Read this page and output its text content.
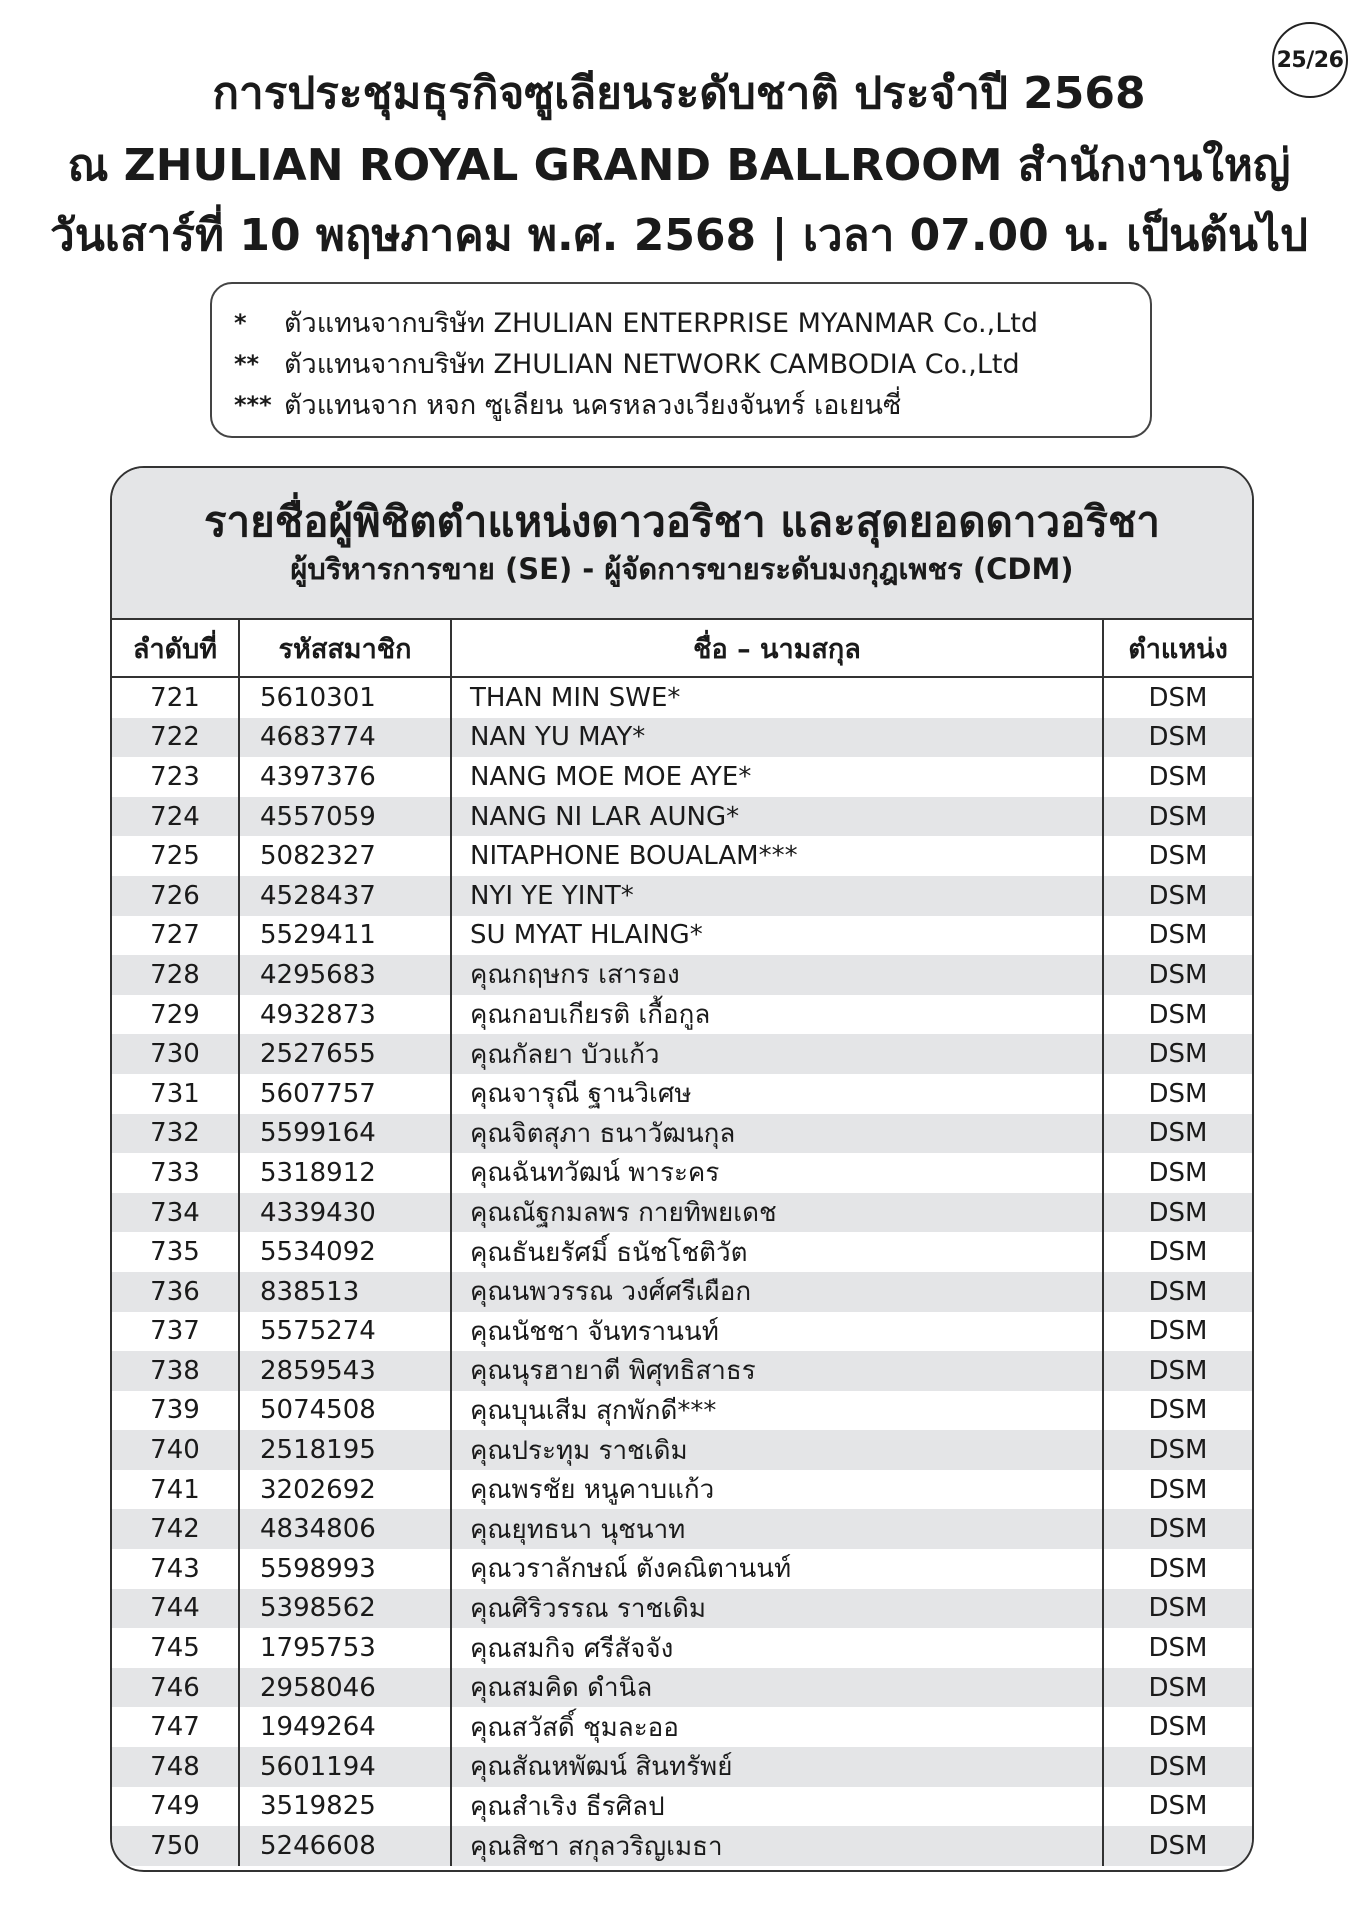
25/26
การประชุมธุรกิจซูเลียนระดับชาติ ประจำปี 2568
ณ ZHULIAN ROYAL GRAND BALLROOM สำนักงานใหญ่
วันเสาร์ที่ 10 พฤษภาคม พ.ศ. 2568 | เวลา 07.00 น. เป็นต้นไป
*	ตัวแทนจากบริษัท ZHULIAN ENTERPRISE MYANMAR Co.,Ltd
** ตัวแทนจากบริษัท ZHULIAN NETWORK CAMBODIA Co.,Ltd
*** ตัวแทนจาก หจก ซูเลียน นครหลวงเวียงจันทร์ เอเยนซี่
รายชื่อผู้พิชิตตำแหน่งดาวอริชา และสุดยอดดาวอริชา
ผู้บริหารการขาย (SE) - ผู้จัดการขายระดับมงกุฎเพชร (CDM)
ลำดับที่	รหัสสมาชิก	ชื่อ – นามสกุล	ตำแหน่ง
721	5610301	THAN MIN SWE*	DSM
722	4683774	NAN YU MAY*	DSM
723	4397376	NANG MOE MOE AYE*	DSM
724	4557059	NANG NI LAR AUNG*	DSM
725	5082327	NITAPHONE BOUALAM***	DSM
726	4528437	NYI YE YINT*	DSM
727	5529411	SU MYAT HLAING*	DSM
728	4295683	คุณกฤษกร เสารอง	DSM
729	4932873	คุณกอบเกียรติ เกื้อกูล	DSM
730	2527655	คุณกัลยา บัวแก้ว	DSM
731	5607757	คุณจารุณี ฐานวิเศษ	DSM
732	5599164	คุณจิตสุภา ธนาวัฒนกุล	DSM
733	5318912	คุณฉันทวัฒน์ พาระคร	DSM
734	4339430	คุณณัฐกมลพร กายทิพยเดช	DSM
735	5534092	คุณธันยรัศมิ์ ธนัชโชติวัต	DSM
736	838513	คุณนพวรรณ วงศ์ศรีเผือก	DSM
737	5575274	คุณนัชชา จันทรานนท์	DSM
738	2859543	คุณนุรฮายาตี พิศุทธิสาธร	DSM
739	5074508	คุณบุนเสีม สุกพักดี***	DSM
740	2518195	คุณประทุม ราชเดิม	DSM
741	3202692	คุณพรชัย หนูคาบแก้ว	DSM
742	4834806	คุณยุทธนา นุชนาท	DSM
743	5598993	คุณวราลักษณ์ ตังคณิตานนท์	DSM
744	5398562	คุณศิริวรรณ ราชเดิม	DSM
745	1795753	คุณสมกิจ ศรีสัจจัง	DSM
746	2958046	คุณสมคิด ดำนิล	DSM
747	1949264	คุณสวัสดิ์ ชุมละออ	DSM
748	5601194	คุณสัณหพัฒน์ สินทรัพย์	DSM
749	3519825	คุณสำเริง ธีรศิลป	DSM
750	5246608	คุณสิชา สกุลวริญเมธา	DSM
